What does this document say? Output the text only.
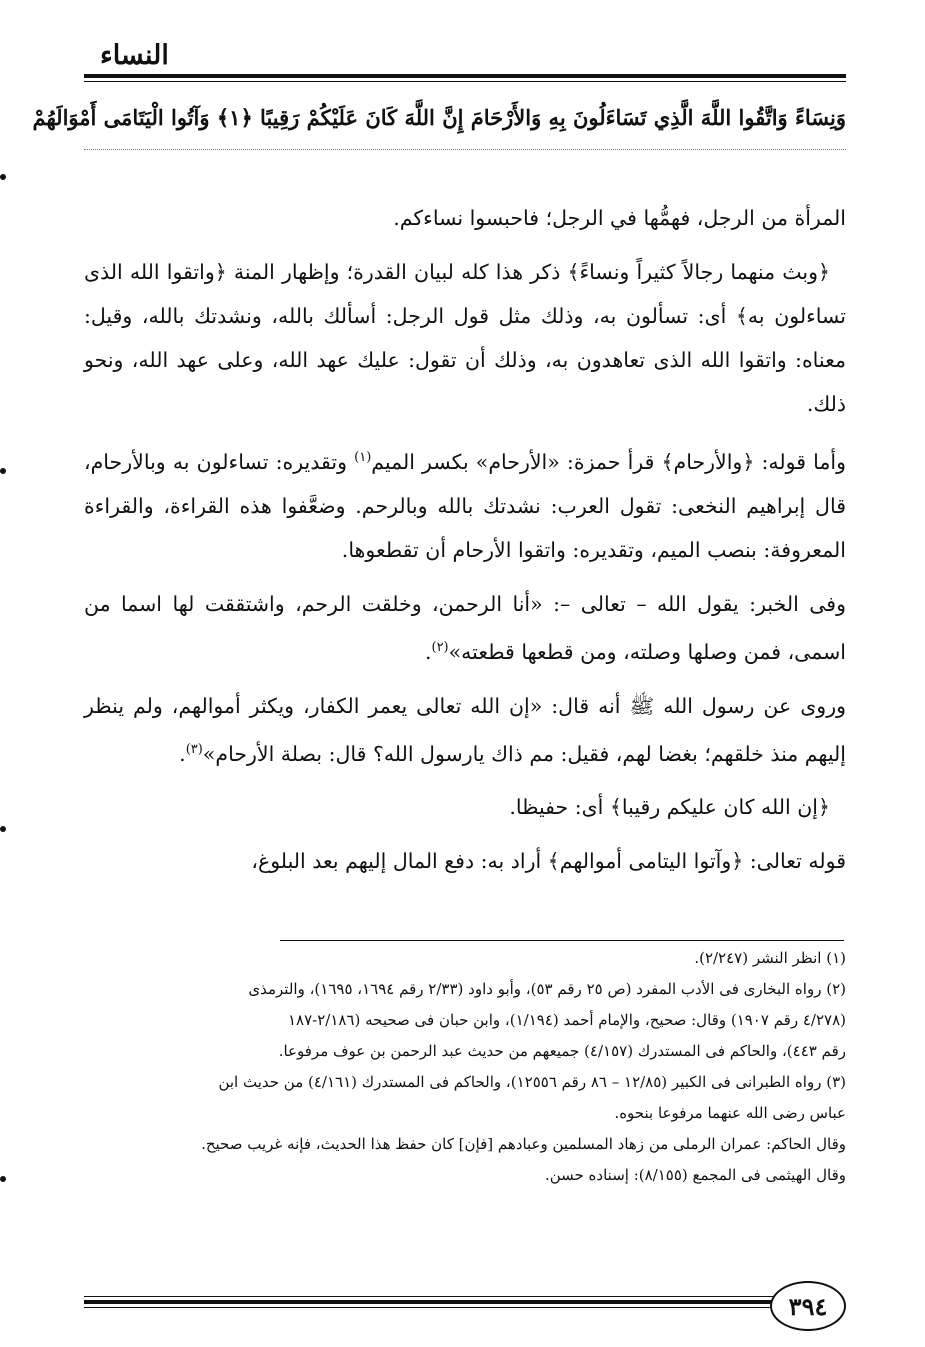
النساء
وَنِسَاءً وَاتَّقُوا اللَّهَ الَّذِي تَسَاءَلُونَ بِهِ وَالأَرْحَامَ إِنَّ اللَّهَ كَانَ عَلَيْكُمْ رَقِيبًا ﴿١﴾ وَآتُوا الْيَتَامَى أَمْوَالَهُمْ

المرأة من الرجل، فهمُّها في الرجل؛ فاحبسوا نساءكم.

﴿وبث منهما رجالاً كثيراً ونساءً﴾ ذكر هذا كله لبيان القدرة؛ وإظهار المنة ﴿واتقوا الله الذى تساءلون به﴾ أى: تسألون به، وذلك مثل قول الرجل: أسألك بالله، ونشدتك بالله، وقيل: معناه: واتقوا الله الذى تعاهدون به، وذلك أن تقول: عليك عهد الله، وعلى عهد الله، ونحو ذلك.

وأما قوله: ﴿والأرحام﴾ قرأ حمزة: «الأرحام» بكسر الميم$^{(١)}$ وتقديره: تساءلون به وبالأرحام، قال إبراهيم النخعى: تقول العرب: نشدتك بالله وبالرحم. وضعَّفوا هذه القراءة، والقراءة المعروفة: بنصب الميم، وتقديره: واتقوا الأرحام أن تقطعوها.

وفى الخبر: يقول الله – تعالى –: «أنا الرحمن، وخلقت الرحم، واشتققت لها اسما من اسمى، فمن وصلها وصلته، ومن قطعها قطعته»$^{(٢)}$.

وروى عن رسول الله ﷺ أنه قال: «إن الله تعالى يعمر الكفار، ويكثر أموالهم، ولم ينظر إليهم منذ خلقهم؛ بغضا لهم، فقيل: مم ذاك يارسول الله؟ قال: بصلة الأرحام»$^{(٣)}$.

﴿إن الله كان عليكم رقيبا﴾ أى: حفيظا.

قوله تعالى: ﴿وآتوا اليتامى أموالهم﴾ أراد به: دفع المال إليهم بعد البلوغ،

(١) انظر النشر (٢/٢٤٧).

(٢) رواه البخارى فى الأدب المفرد (ص ٢٥ رقم ٥٣)، وأبو داود (٢/٣٣ رقم ١٦٩٤، ١٦٩٥)، والترمذى

(٤/٢٧٨ رقم ١٩٠٧) وقال: صحيح، والإمام أحمد (١/١٩٤)، وابن حبان فى صحيحه (٢/١٨٦-١٨٧

رقم ٤٤٣)، والحاكم فى المستدرك (٤/١٥٧) جميعهم من حديث عبد الرحمن بن عوف مرفوعا.

(٣) رواه الطبرانى فى الكبير (١٢/٨٥ – ٨٦ رقم ١٢٥٥٦)، والحاكم فى المستدرك (٤/١٦١) من حديث ابن

عباس رضى الله عنهما مرفوعا بنحوه.

وقال الحاكم: عمران الرملى من زهاد المسلمين وعبادهم [فإن] كان حفظ هذا الحديث، فإنه غريب صحيح.

وقال الهيثمى فى المجمع (٨/١٥٥): إسناده حسن.

٣٩٤
